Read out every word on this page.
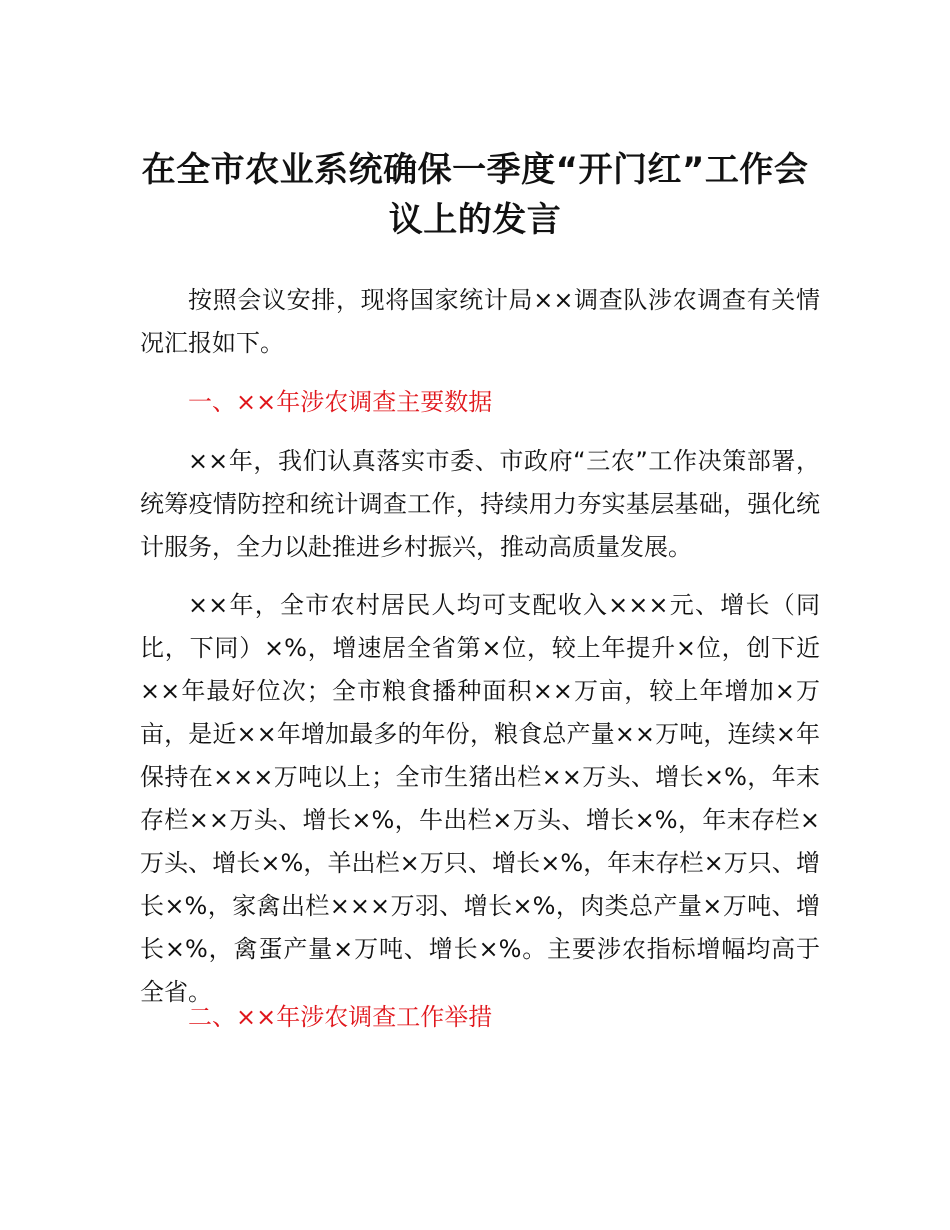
在全市农业系统确保一季度“开门红”工作会
议上的发言

按照会议安排，现将国家统计局××调查队涉农调查有关情况汇报如下。

一、××年涉农调查主要数据

××年，我们认真落实市委、市政府“三农”工作决策部署，统筹疫情防控和统计调查工作，持续用力夯实基层基础，强化统计服务，全力以赴推进乡村振兴，推动高质量发展。

××年，全市农村居民人均可支配收入×××元、增长（同比，下同）×%，增速居全省第×位，较上年提升×位，创下近××年最好位次；全市粮食播种面积××万亩，较上年增加×万亩，是近××年增加最多的年份，粮食总产量××万吨，连续×年保持在×××万吨以上；全市生猪出栏××万头、增长×%，年末存栏××万头、增长×%，牛出栏×万头、增长×%，年末存栏×万头、增长×%，羊出栏×万只、增长×%，年末存栏×万只、增长×%，家禽出栏×××万羽、增长×%，肉类总产量×万吨、增长×%，禽蛋产量×万吨、增长×%。主要涉农指标增幅均高于全省。

二、××年涉农调查工作举措
